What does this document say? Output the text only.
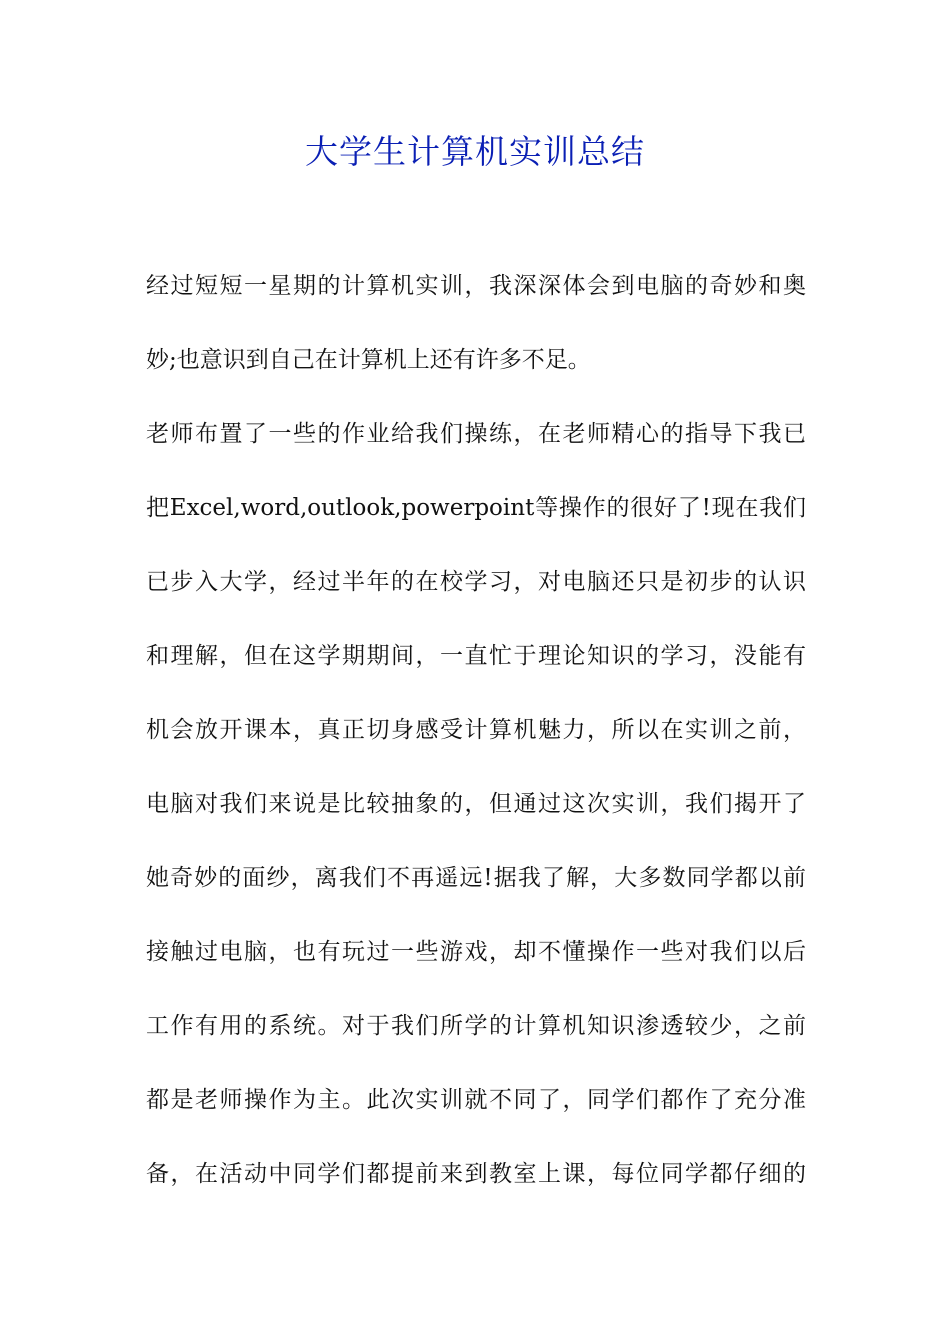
大学生计算机实训总结
经过短短一星期的计算机实训，我深深体会到电脑的奇妙和奥
妙;也意识到自己在计算机上还有许多不足。
老师布置了一些的作业给我们操练，在老师精心的指导下我已
把Excel,word,outlook,powerpoint等操作的很好了!现在我们
已步入大学，经过半年的在校学习，对电脑还只是初步的认识
和理解，但在这学期期间，一直忙于理论知识的学习，没能有
机会放开课本，真正切身感受计算机魅力，所以在实训之前，
电脑对我们来说是比较抽象的，但通过这次实训，我们揭开了
她奇妙的面纱，离我们不再遥远!据我了解，大多数同学都以前
接触过电脑，也有玩过一些游戏，却不懂操作一些对我们以后
工作有用的系统。对于我们所学的计算机知识渗透较少，之前
都是老师操作为主。此次实训就不同了，同学们都作了充分准
备，在活动中同学们都提前来到教室上课，每位同学都仔细的
